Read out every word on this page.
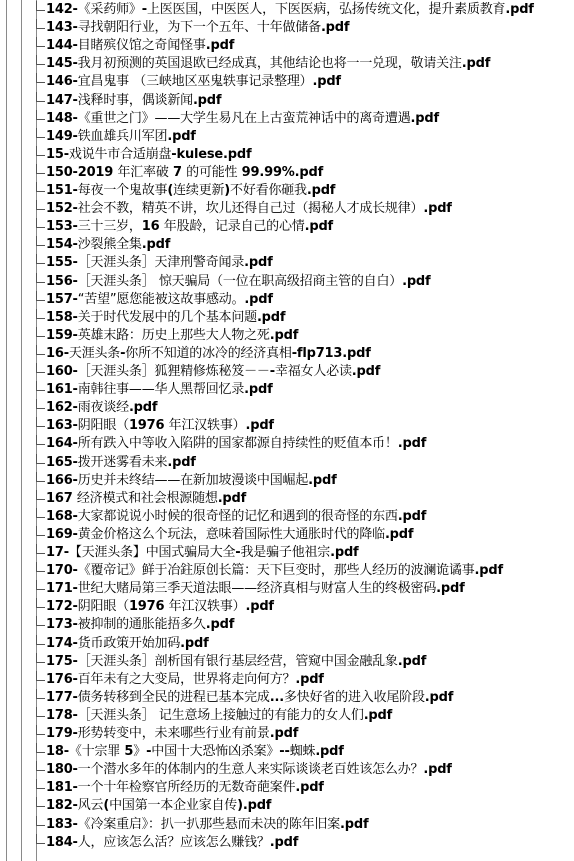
142-《采药师》-上医医国，中医医人，下医医病，弘扬传统文化，提升素质教育.pdf
143-寻找朝阳行业，为下一个五年、十年做储备.pdf
144-目睹殡仪馆之奇闻怪事.pdf
145-我月初预测的英国退欧已经成真，其他结论也将一一兑现，敬请关注.pdf
146-宜昌鬼事 （三峡地区巫鬼轶事记录整理）.pdf
147-浅释时事，偶谈新闻.pdf
148-《重世之门》——大学生易凡在上古蛮荒神话中的离奇遭遇.pdf
149-铁血雄兵川军团.pdf
15-戏说牛市合适崩盘-kulese.pdf
150-2019 年汇率破 7 的可能性 99.99%.pdf
151-每夜一个鬼故事(连续更新)不好看你砸我.pdf
152-社会不教，精英不讲，坎儿还得自己过（揭秘人才成长规律）.pdf
153-三十三岁，16 年股龄，记录自己的心情.pdf
154-沙裂熊全集.pdf
155-［天涯头条］天津刑警奇闻录.pdf
156-［天涯头条］ 惊天骗局（一位在职高级招商主管的自白）.pdf
157-“苦望”愿您能被这故事感动。.pdf
158-关于时代发展中的几个基本问题.pdf
159-英雄末路：历史上那些大人物之死.pdf
16-天涯头条-你所不知道的冰冷的经济真相-flp713.pdf
160-［天涯头条］狐狸精修炼秘笈－－-幸福女人必读.pdf
161-南韩往事——华人黑帮回忆录.pdf
162-雨夜谈经.pdf
163-阴阳眼（1976 年江汉轶事）.pdf
164-所有跌入中等收入陷阱的国家都源自持续性的贬值本币！.pdf
165-拨开迷雾看未来.pdf
166-历史并未终结——在新加坡漫谈中国崛起.pdf
167 经济模式和社会根源随想.pdf
168-大家都说说小时候的很奇怪的记忆和遇到的很奇怪的东西.pdf
169-黄金价格这么个玩法，意味着国际性大通胀时代的降临.pdf
17-【天涯头条】中国式骗局大全-我是骗子他祖宗.pdf
170-《覆帝记》鲜于冶鉒原创长篇：天下巨变时，那些人经历的波澜诡谲事.pdf
171-世纪大赌局第三季天道法眼——经济真相与财富人生的终极密码.pdf
172-阴阳眼（1976 年江汉轶事）.pdf
173-被抑制的通胀能捂多久.pdf
174-货币政策开始加码.pdf
175-［天涯头条］剖析国有银行基层经营，管窥中国金融乱象.pdf
176-百年未有之大变局，世界将走向何方？.pdf
177-债务转移到全民的进程已基本完成...多快好省的进入收尾阶段.pdf
178-［天涯头条］ 记生意场上接触过的有能力的女人们.pdf
179-形势转变中，未来哪些行业有前景.pdf
18-《十宗罪 5》-中国十大恐怖凶杀案》--蜘蛛.pdf
180-一个潜水多年的体制内的生意人来实际谈谈老百姓该怎么办？.pdf
181-一个十年检察官所经历的无数奇葩案件.pdf
182-风云(中国第一本企业家自传).pdf
183-《冷案重启》：扒一扒那些悬而未决的陈年旧案.pdf
184-人，应该怎么活？应该怎么赚钱？.pdf
